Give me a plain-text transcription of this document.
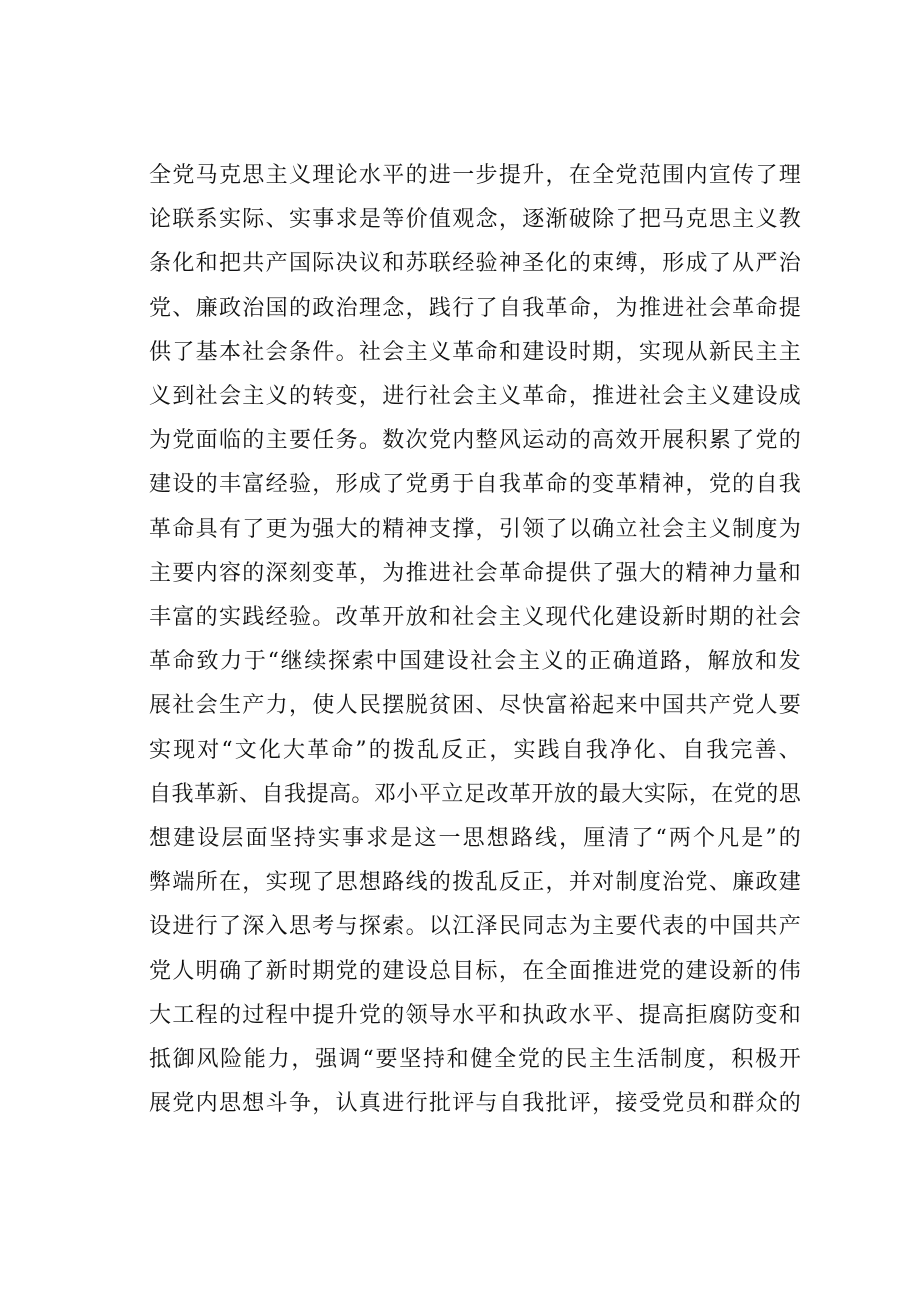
全党马克思主义理论水平的进一步提升，在全党范围内宣传了理
论联系实际、实事求是等价值观念，逐渐破除了把马克思主义教
条化和把共产国际决议和苏联经验神圣化的束缚，形成了从严治
党、廉政治国的政治理念，践行了自我革命，为推进社会革命提
供了基本社会条件。社会主义革命和建设时期，实现从新民主主
义到社会主义的转变，进行社会主义革命，推进社会主义建设成
为党面临的主要任务。数次党内整风运动的高效开展积累了党的
建设的丰富经验，形成了党勇于自我革命的变革精神，党的自我
革命具有了更为强大的精神支撑，引领了以确立社会主义制度为
主要内容的深刻变革，为推进社会革命提供了强大的精神力量和
丰富的实践经验。改革开放和社会主义现代化建设新时期的社会
革命致力于“继续探索中国建设社会主义的正确道路，解放和发
展社会生产力，使人民摆脱贫困、尽快富裕起来中国共产党人要
实现对“文化大革命”的拨乱反正，实践自我净化、自我完善、
自我革新、自我提高。邓小平立足改革开放的最大实际，在党的思
想建设层面坚持实事求是这一思想路线，厘清了“两个凡是”的
弊端所在，实现了思想路线的拨乱反正，并对制度治党、廉政建
设进行了深入思考与探索。以江泽民同志为主要代表的中国共产
党人明确了新时期党的建设总目标，在全面推进党的建设新的伟
大工程的过程中提升党的领导水平和执政水平、提高拒腐防变和
抵御风险能力，强调“要坚持和健全党的民主生活制度，积极开
展党内思想斗争，认真进行批评与自我批评，接受党员和群众的
